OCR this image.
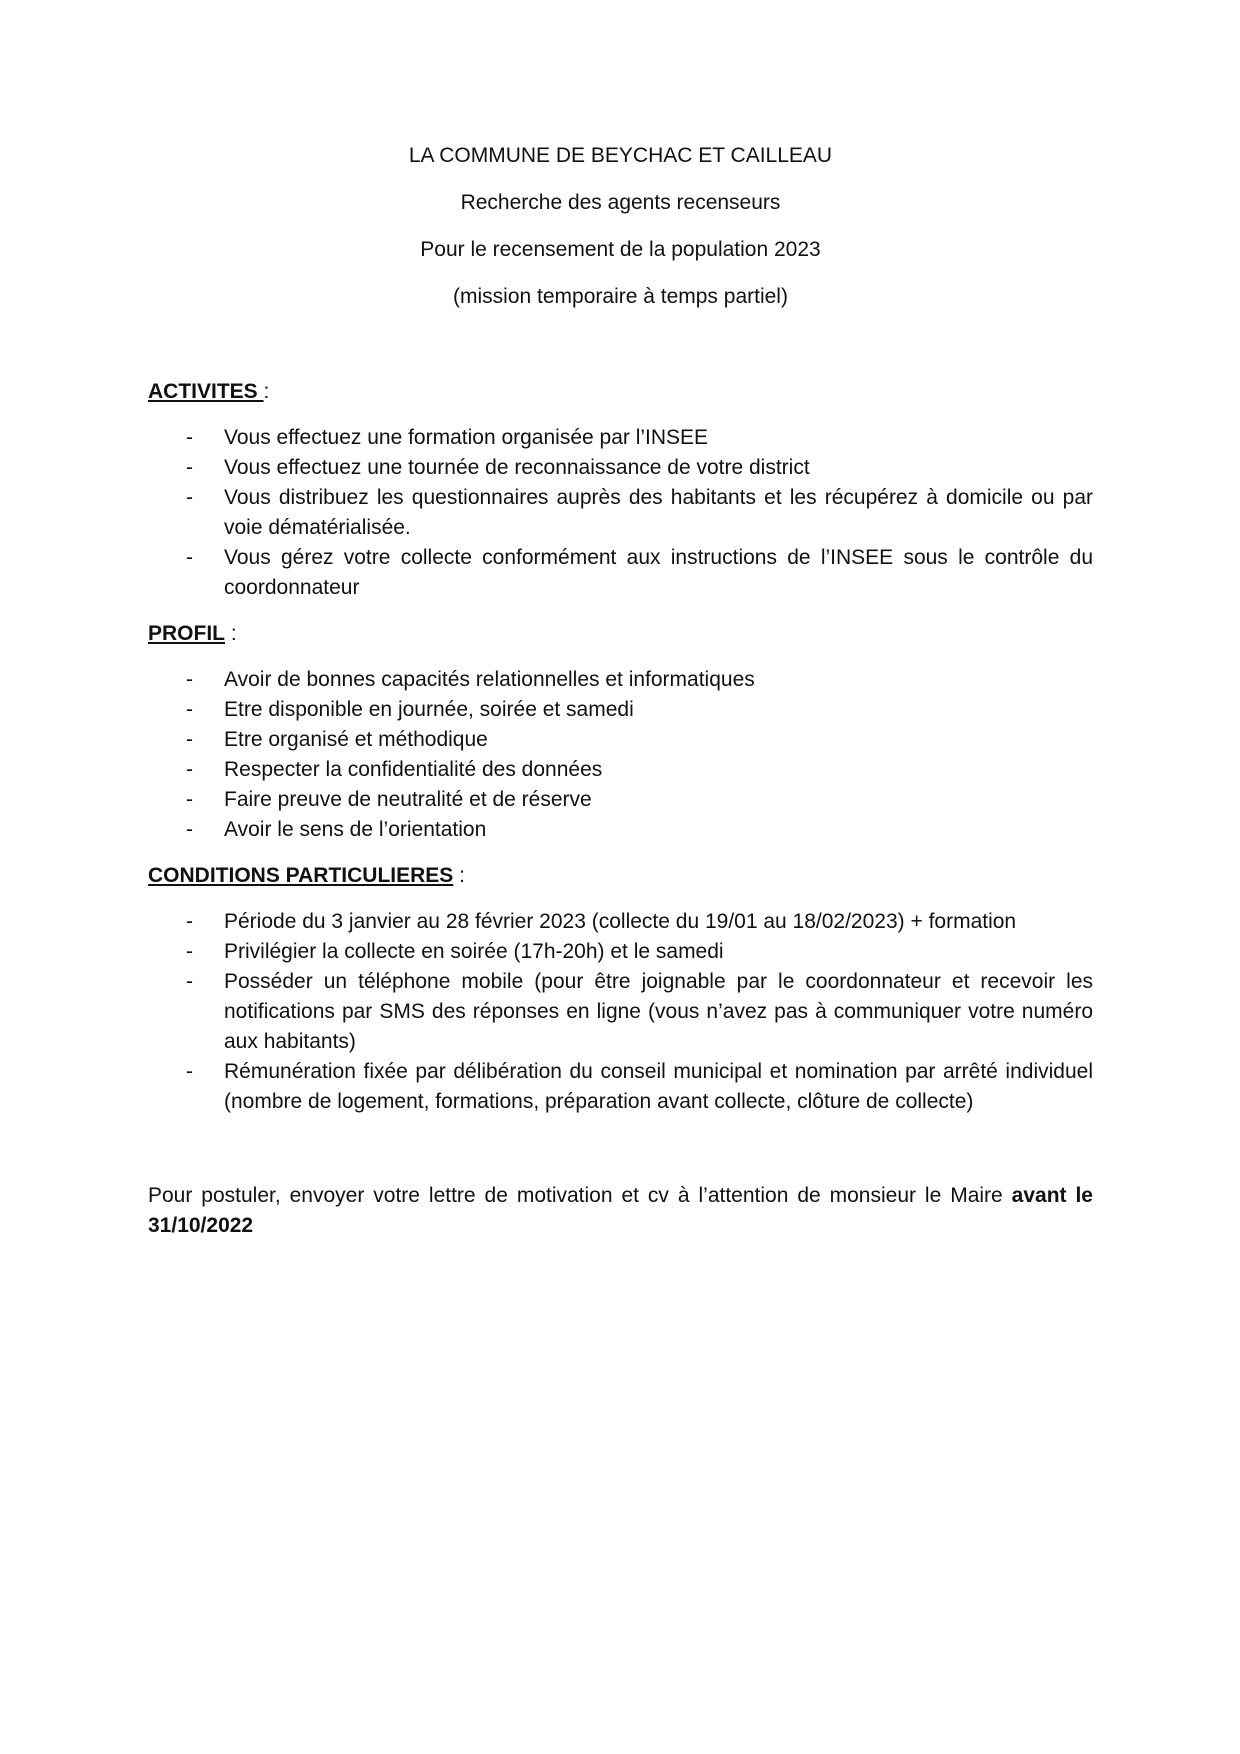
LA COMMUNE DE BEYCHAC ET CAILLEAU

Recherche des agents recenseurs

Pour le recensement de la population 2023

(mission temporaire à temps partiel)

ACTIVITES :

- Vous effectuez une formation organisée par l’INSEE
- Vous effectuez une tournée de reconnaissance de votre district
- Vous distribuez les questionnaires auprès des habitants et les récupérez à domicile ou par voie dématérialisée.
- Vous gérez votre collecte conformément aux instructions de l’INSEE sous le contrôle du coordonnateur

PROFIL :

- Avoir de bonnes capacités relationnelles et informatiques
- Etre disponible en journée, soirée et samedi
- Etre organisé et méthodique
- Respecter la confidentialité des données
- Faire preuve de neutralité et de réserve
- Avoir le sens de l’orientation

CONDITIONS PARTICULIERES :

- Période du 3 janvier au 28 février 2023 (collecte du 19/01 au 18/02/2023) + formation
- Privilégier la collecte en soirée (17h-20h) et le samedi
- Posséder un téléphone mobile (pour être joignable par le coordonnateur et recevoir les notifications par SMS des réponses en ligne (vous n’avez pas à communiquer votre numéro aux habitants)
- Rémunération fixée par délibération du conseil municipal et nomination par arrêté individuel (nombre de logement, formations, préparation avant collecte, clôture de collecte)

Pour postuler, envoyer votre lettre de motivation et cv à l’attention de monsieur le Maire avant le 31/10/2022
